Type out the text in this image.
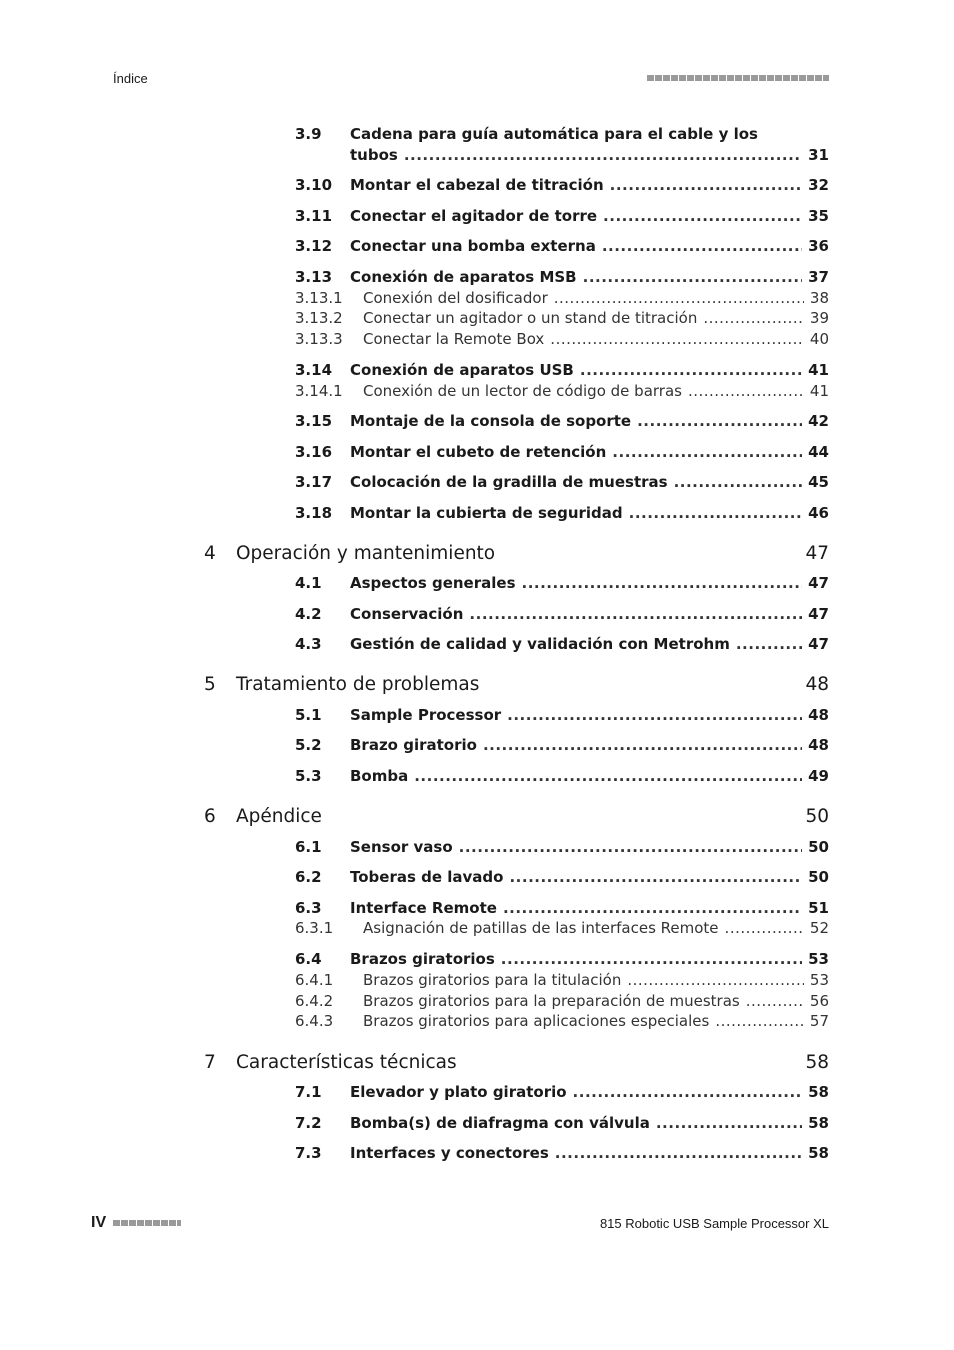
Índice
3.9 Cadena para guía automática para el cable y los
tubos .....	31
3.10 Montar el cabezal de titración .....	32
3.11 Conectar el agitador de torre .....	35
3.12 Conectar una bomba externa .....	36
3.13 Conexión de aparatos MSB .....	37
3.13.1 Conexión del dosificador .....	38
3.13.2 Conectar un agitador o un stand de titración .....	39
3.13.3 Conectar la Remote Box .....	40
3.14 Conexión de aparatos USB .....	41
3.14.1 Conexión de un lector de código de barras .....	41
3.15 Montaje de la consola de soporte .....	42
3.16 Montar el cubeto de retención .....	44
3.17 Colocación de la gradilla de muestras .....	45
3.18 Montar la cubierta de seguridad .....	46
4 Operación y mantenimiento	47
4.1 Aspectos generales .....	47
4.2 Conservación .....	47
4.3 Gestión de calidad y validación con Metrohm .....	47
5 Tratamiento de problemas	48
5.1 Sample Processor .....	48
5.2 Brazo giratorio .....	48
5.3 Bomba .....	49
6 Apéndice	50
6.1 Sensor vaso .....	50
6.2 Toberas de lavado .....	50
6.3 Interface Remote .....	51
6.3.1 Asignación de patillas de las interfaces Remote .....	52
6.4 Brazos giratorios .....	53
6.4.1 Brazos giratorios para la titulación .....	53
6.4.2 Brazos giratorios para la preparación de muestras .....	56
6.4.3 Brazos giratorios para aplicaciones especiales .....	57
7 Características técnicas	58
7.1 Elevador y plato giratorio .....	58
7.2 Bomba(s) de diafragma con válvula .....	58
7.3 Interfaces y conectores .....	58
IV	815 Robotic USB Sample Processor XL
